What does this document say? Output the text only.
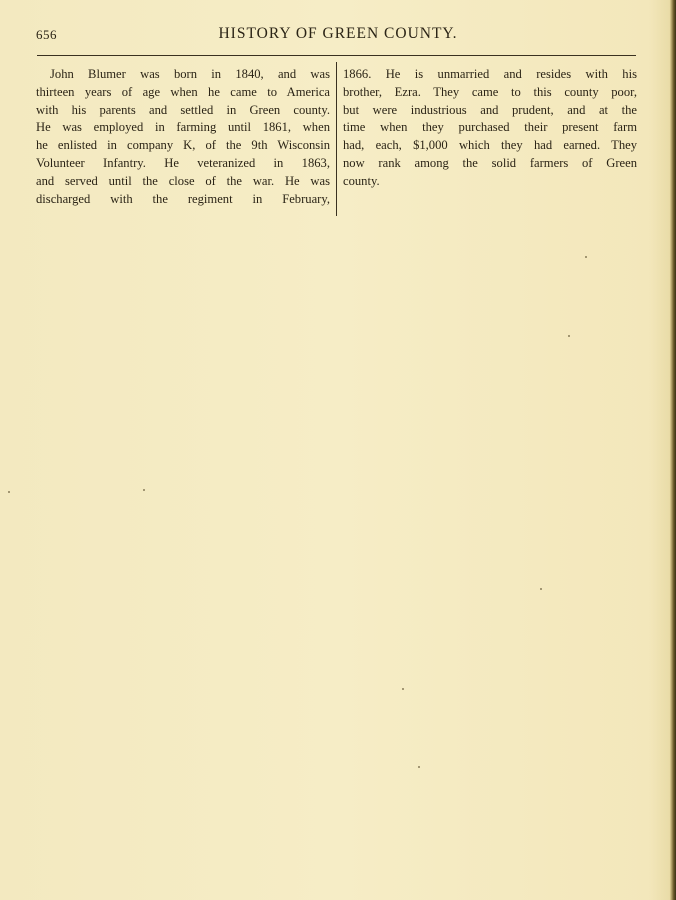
656	HISTORY OF GREEN COUNTY.
John Blumer was born in 1840, and was
thirteen years of age when he came to America
with his parents and settled in Green county.
He was employed in farming until 1861, when
he enlisted in company K, of the 9th Wisconsin
Volunteer Infantry. He veteranized in 1863,
and served until the close of the war. He was
discharged with the regiment in February,
1866. He is unmarried and resides with his
brother, Ezra. They came to this county poor,
but were industrious and prudent, and at the
time when they purchased their present farm
had, each, $1,000 which they had earned. They
now rank among the solid farmers of Green
county.
